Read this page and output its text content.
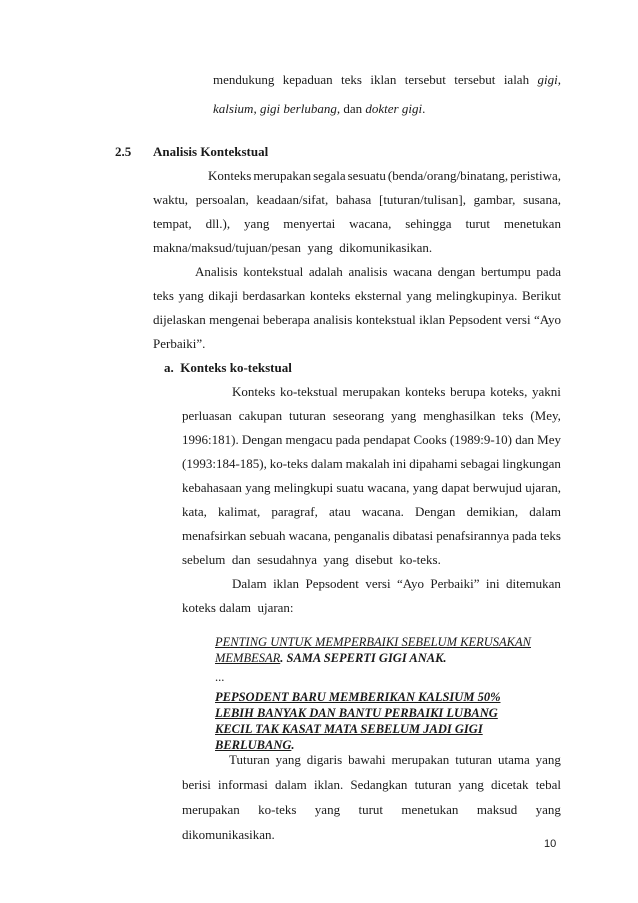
mendukung kepaduan teks iklan tersebut tersebut ialah gigi,
kalsium, gigi berlubang, dan dokter gigi.
2.5 Analisis Kontekstual
Konteks merupakan segala sesuatu (benda/orang/binatang, peristiwa,
waktu, persoalan, keadaan/sifat, bahasa [tuturan/tulisan], gambar, susana,
tempat, dll.), yang menyertai wacana, sehingga turut menetukan
makna/maksud/tujuan/pesan  yang  dikomunikasikan.
Analisis kontekstual adalah analisis wacana dengan bertumpu pada
teks yang dikaji berdasarkan konteks eksternal yang melingkupinya. Berikut
dijelaskan mengenai beberapa analisis kontekstual iklan Pepsodent versi “Ayo
Perbaiki”.
a.  Konteks ko-tekstual
Konteks ko-tekstual merupakan konteks berupa koteks, yakni
perluasan cakupan tuturan seseorang yang menghasilkan teks (Mey,
1996:181). Dengan mengacu pada pendapat Cooks (1989:9-10) dan Mey
(1993:184-185), ko-teks dalam makalah ini dipahami sebagai lingkungan
kebahasaan yang melingkupi suatu wacana, yang dapat berwujud ujaran,
kata, kalimat, paragraf, atau wacana. Dengan demikian, dalam
menafsirkan sebuah wacana, penganalis dibatasi penafsirannya pada teks
sebelum  dan  sesudahnya  yang  disebut  ko-teks.
Dalam iklan Pepsodent versi “Ayo Perbaiki” ini ditemukan
koteks dalam  ujaran:
PENTING UNTUK MEMPERBAIKI SEBELUM KERUSAKAN MEMBESAR. SAMA SEPERTI GIGI ANAK.
...
PEPSODENT BARU MEMBERIKAN KALSIUM 50% LEBIH BANYAK DAN BANTU PERBAIKI LUBANG KECIL TAK KASAT MATA SEBELUM JADI GIGI BERLUBANG.
Tuturan yang digaris bawahi merupakan tuturan utama yang
berisi informasi dalam iklan. Sedangkan tuturan yang dicetak tebal
merupakan ko-teks yang turut menetukan maksud yang
dikomunikasikan.
10
